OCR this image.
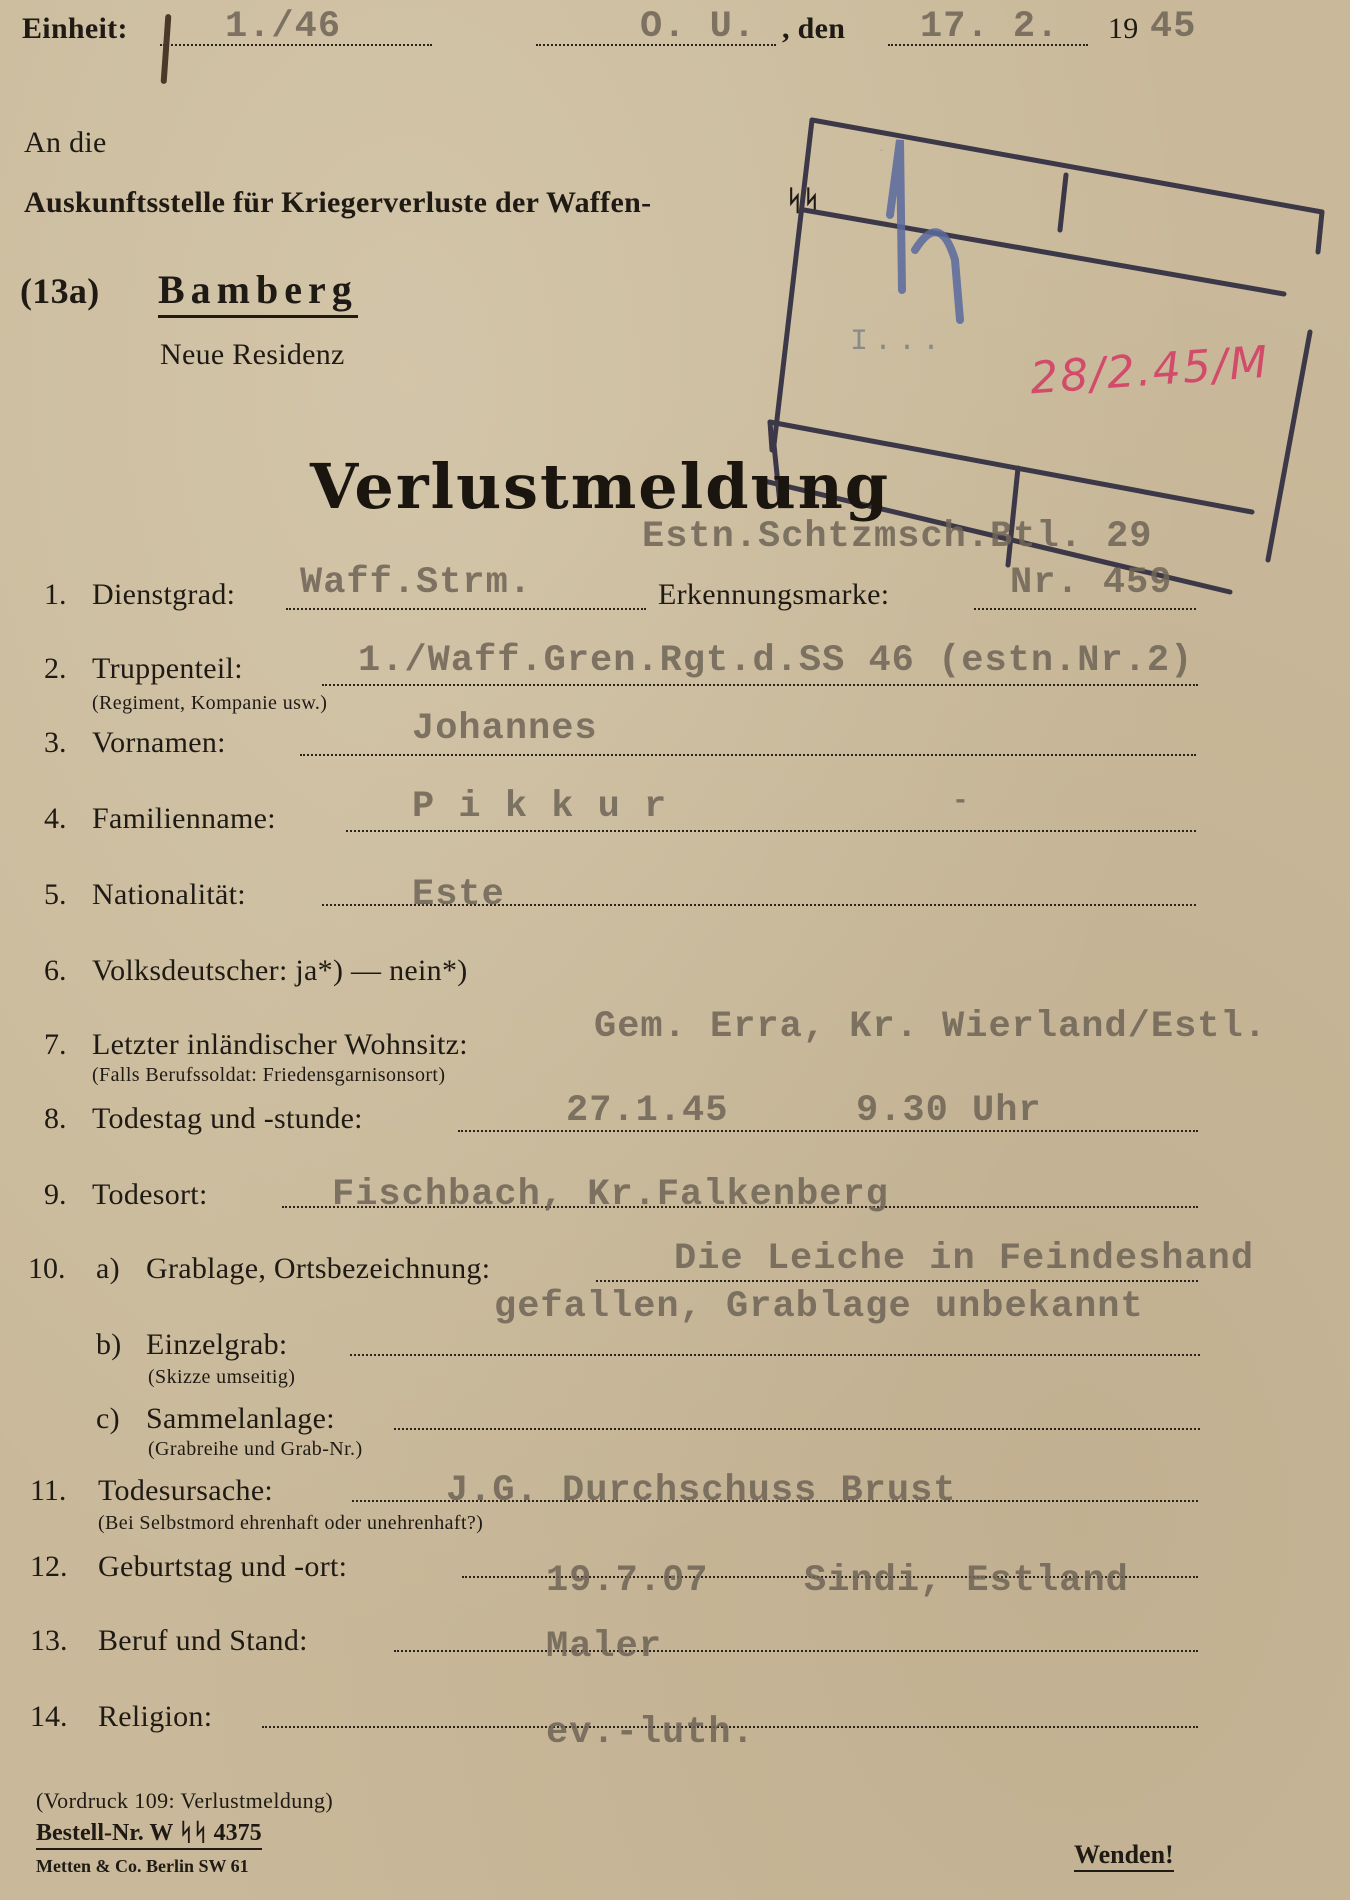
Einheit:	1./46	O. U. , den 17. 2. 19 45
An die
Auskunftsstelle für Kriegerverluste der Waffen-	ᛋᛋ
(13a) Bamberg
Neue Residenz
1/2
I... 28/2.45/M
Verlustmeldung
Estn.Schtzmsch.Btl. 29
1. Dienstgrad: Waff.Strm.	Erkennungsmarke:	Nr. 459
2. Truppenteil:
(Regiment, Kompanie usw.)
1./Waff.Gren.Rgt.d.SS 46 (estn.Nr.2)
3. Vornamen:	Johannes
4. Familienname:	P i k k u r	-
5. Nationalität:	Este
6. Volksdeutscher: ja*) — nein*)
7. Letzter inländischer Wohnsitz:
(Falls Berufssoldat: Friedensgarnisonsort)
Gem. Erra, Kr. Wierland/Estl.
8. Todestag und -stunde:	27.1.45	9.30 Uhr
9. Todesort:	Fischbach, Kr.Falkenberg
10. a) Grablage, Ortsbezeichnung:	Die Leiche in Feindeshand
gefallen, Grablage unbekannt
b) Einzelgrab:
(Skizze umseitig)
c) Sammelanlage:
(Grabreihe und Grab-Nr.)
11. Todesursache:
(Bei Selbstmord ehrenhaft oder unehrenhaft?)
J.G. Durchschuss Brust
12. Geburtstag und -ort:	19.7.07	Sindi, Estland
13. Beruf und Stand:	Maler
14. Religion:	ev.-luth.
(Vordruck 109: Verlustmeldung)
Bestell-Nr. W ᛋᛋ 4375
Metten & Co. Berlin SW 61	Wenden!
